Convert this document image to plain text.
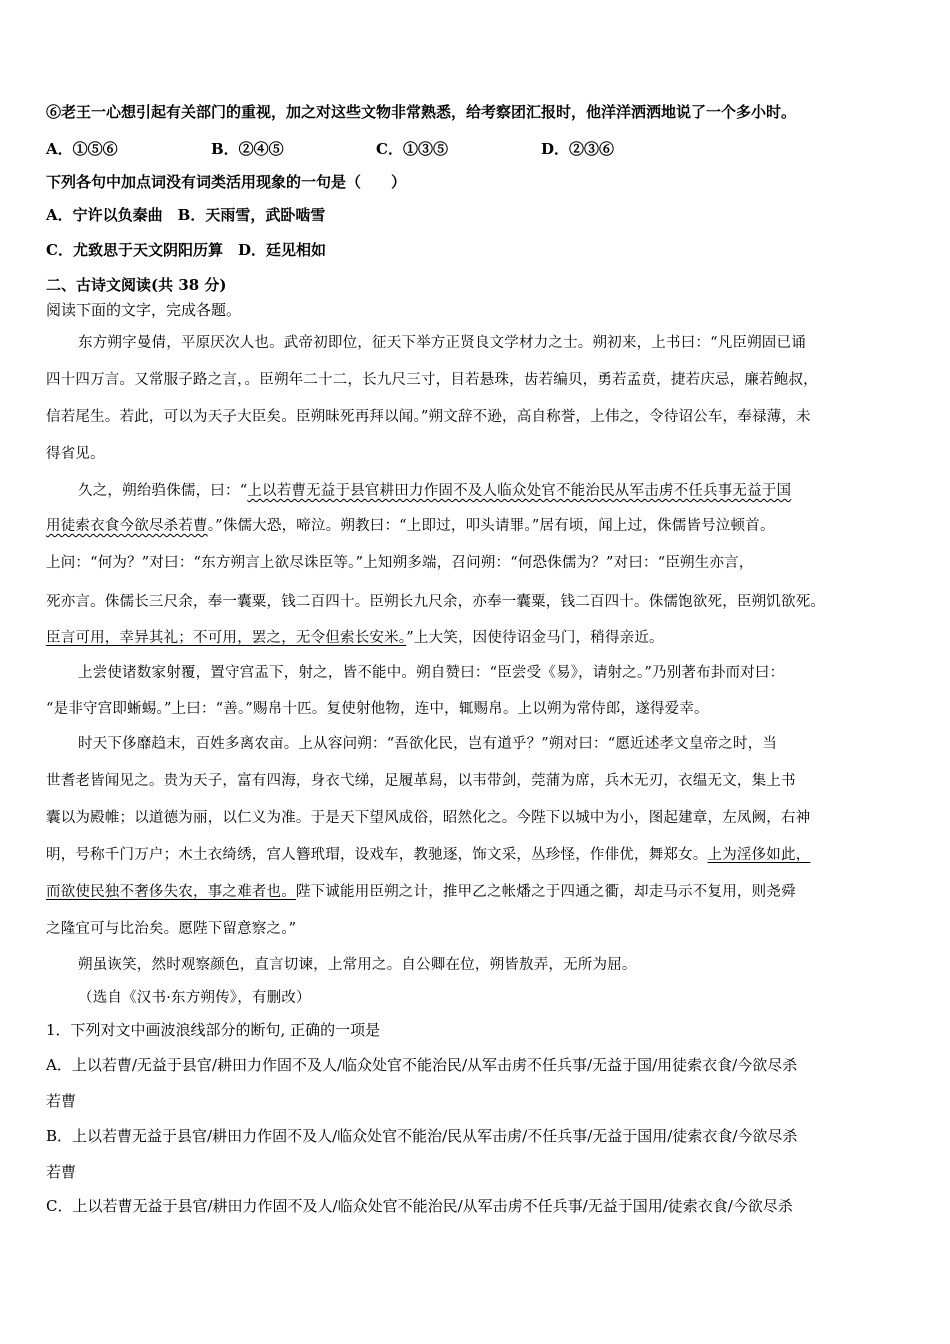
⑥老王一心想引起有关部门的重视，加之对这些文物非常熟悉，给考察团汇报时，他洋洋洒洒地说了一个多小时。
A．①⑤⑥	B．②④⑤	C．①③⑤	D．②③⑥
下列各句中加点词没有词类活用现象的一句是（　　）
A．宁许以负秦曲　B．天雨雪，武卧啮雪
C．尤致思于天文阴阳历算　D．廷见相如
二、古诗文阅读(共 38 分)
阅读下面的文字，完成各题。
东方朔字曼倩，平原厌次人也。武帝初即位，征天下举方正贤良文学材力之士。朔初来，上书曰：“凡臣朔固已诵
四十四万言。又常服子路之言，。臣朔年二十二，长九尺三寸，目若悬珠，齿若编贝，勇若孟贲，捷若庆忌，廉若鲍叔，
信若尾生。若此，可以为天子大臣矣。臣朔昧死再拜以闻。”朔文辞不逊，高自称誉，上伟之，令待诏公车，奉禄薄，未
得省见。
久之，朔绐驺侏儒，曰：“上以若曹无益于县官耕田力作固不及人临众处官不能治民从军击虏不任兵事无益于国
用徒索衣食今欲尽杀若曹。”侏儒大恐，啼泣。朔教曰：“上即过，叩头请罪。”居有顷，闻上过，侏儒皆号泣顿首。
上问：“何为？”对曰：“东方朔言上欲尽诛臣等。”上知朔多端，召问朔：“何恐侏儒为？”对曰：“臣朔生亦言，
死亦言。侏儒长三尺余，奉一囊粟，钱二百四十。臣朔长九尺余，亦奉一囊粟，钱二百四十。侏儒饱欲死，臣朔饥欲死。
臣言可用，幸异其礼；不可用，罢之，无令但索长安米。”上大笑，因使待诏金马门，稍得亲近。
上尝使诸数家射覆，置守宫盂下，射之，皆不能中。朔自赞曰：“臣尝受《易》，请射之。”乃别著布卦而对曰：
“是非守宫即蜥蜴。”上曰：“善。”赐帛十匹。复使射他物，连中，辄赐帛。上以朔为常侍郎，遂得爱幸。
时天下侈靡趋末，百姓多离农亩。上从容问朔：“吾欲化民，岂有道乎？”朔对曰：“愿近述孝文皇帝之时，当
世耆老皆闻见之。贵为天子，富有四海，身衣弋绨，足履革舄，以韦带剑，莞蒲为席，兵木无刃，衣缊无文，集上书
囊以为殿帷；以道德为丽，以仁义为准。于是天下望风成俗，昭然化之。今陛下以城中为小，图起建章，左凤阙，右神
明，号称千门万户；木土衣绮绣，宫人簪玳瑁，设戏车，教驰逐，饰文采，丛珍怪，作俳优，舞郑女。上为淫侈如此，
而欲使民独不奢侈失农，事之难者也。陛下诚能用臣朔之计，推甲乙之帐燔之于四通之衢，却走马示不复用，则尧舜
之隆宜可与比治矣。愿陛下留意察之。”
朔虽诙笑，然时观察颜色，直言切谏，上常用之。自公卿在位，朔皆敖弄，无所为屈。
（选自《汉书·东方朔传》，有删改）
1．下列对文中画波浪线部分的断句, 正确的一项是
A．上以若曹/无益于县官/耕田力作固不及人/临众处官不能治民/从军击虏不任兵事/无益于国/用徒索衣食/今欲尽杀
若曹
B．上以若曹无益于县官/耕田力作固不及人/临众处官不能治/民从军击虏/不任兵事/无益于国用/徒索衣食/今欲尽杀
若曹
C．上以若曹无益于县官/耕田力作固不及人/临众处官不能治民/从军击虏不任兵事/无益于国用/徒索衣食/今欲尽杀
